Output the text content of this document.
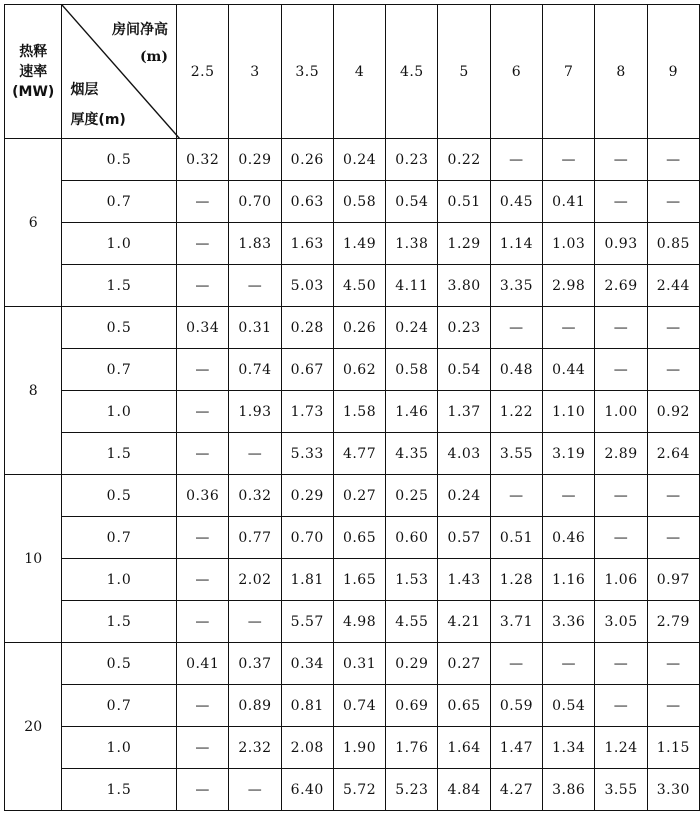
热释
速率
(MW)	房间净高
(m)
烟层
厚度(m)	2.5	3	3.5	4	4.5	5	6	7	8	9
6	0.5	0.32	0.29	0.26	0.24	0.23	0.22	—	—	—	—
	0.7	—	0.70	0.63	0.58	0.54	0.51	0.45	0.41	—	—
	1.0	—	1.83	1.63	1.49	1.38	1.29	1.14	1.03	0.93	0.85
	1.5	—	—	5.03	4.50	4.11	3.80	3.35	2.98	2.69	2.44
8	0.5	0.34	0.31	0.28	0.26	0.24	0.23	—	—	—	—
	0.7	—	0.74	0.67	0.62	0.58	0.54	0.48	0.44	—	—
	1.0	—	1.93	1.73	1.58	1.46	1.37	1.22	1.10	1.00	0.92
	1.5	—	—	5.33	4.77	4.35	4.03	3.55	3.19	2.89	2.64
10	0.5	0.36	0.32	0.29	0.27	0.25	0.24	—	—	—	—
	0.7	—	0.77	0.70	0.65	0.60	0.57	0.51	0.46	—	—
	1.0	—	2.02	1.81	1.65	1.53	1.43	1.28	1.16	1.06	0.97
	1.5	—	—	5.57	4.98	4.55	4.21	3.71	3.36	3.05	2.79
20	0.5	0.41	0.37	0.34	0.31	0.29	0.27	—	—	—	—
	0.7	—	0.89	0.81	0.74	0.69	0.65	0.59	0.54	—	—
	1.0	—	2.32	2.08	1.90	1.76	1.64	1.47	1.34	1.24	1.15
	1.5	—	—	6.40	5.72	5.23	4.84	4.27	3.86	3.55	3.30
